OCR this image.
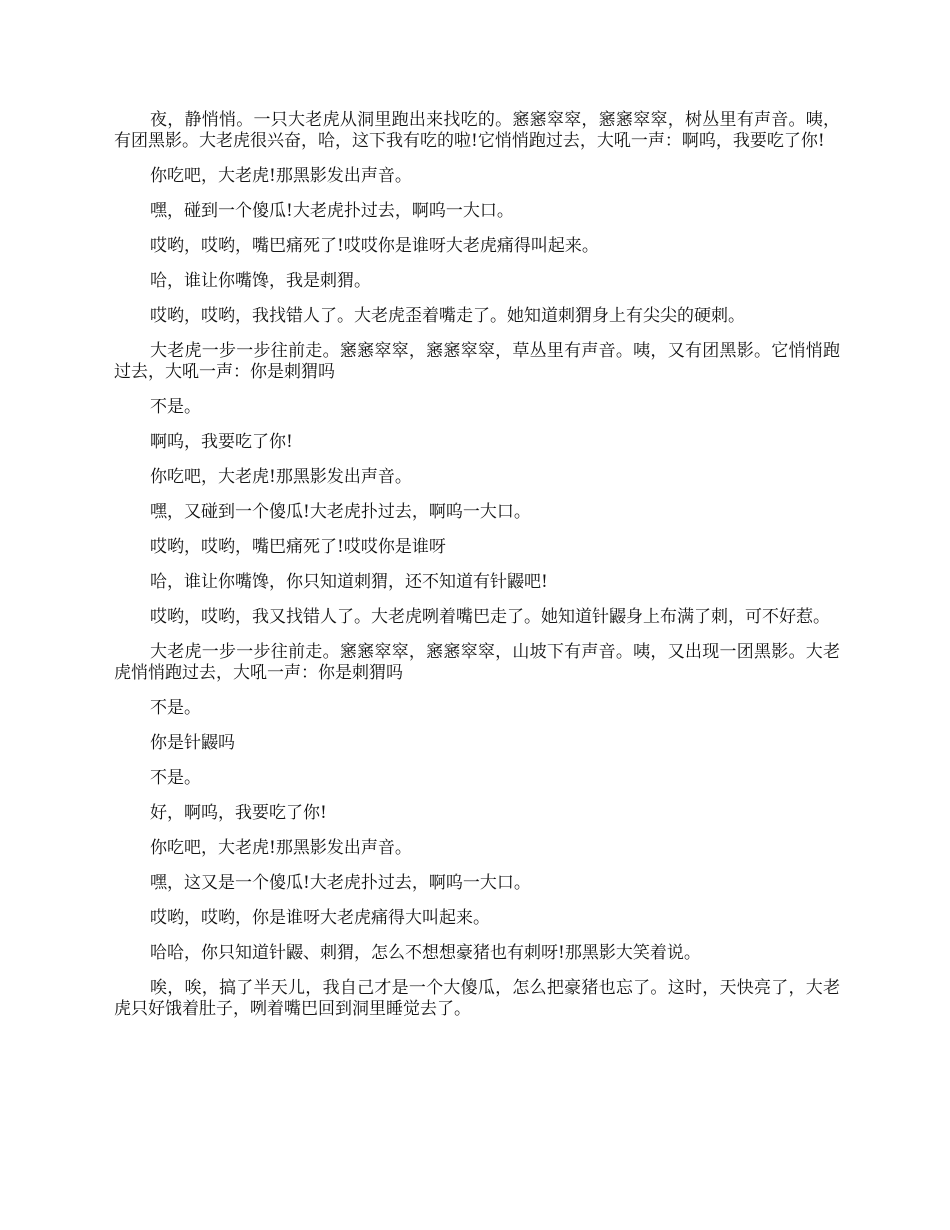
夜，静悄悄。一只大老虎从洞里跑出来找吃的。窸窸窣窣，窸窸窣窣，树丛里有声音。咦，有团黑影。大老虎很兴奋，哈，这下我有吃的啦!它悄悄跑过去，大吼一声：啊呜，我要吃了你!

你吃吧，大老虎!那黑影发出声音。

嘿，碰到一个傻瓜!大老虎扑过去，啊呜一大口。

哎哟，哎哟，嘴巴痛死了!哎哎你是谁呀大老虎痛得叫起来。

哈，谁让你嘴馋，我是刺猬。

哎哟，哎哟，我找错人了。大老虎歪着嘴走了。她知道刺猬身上有尖尖的硬刺。

大老虎一步一步往前走。窸窸窣窣，窸窸窣窣，草丛里有声音。咦，又有团黑影。它悄悄跑过去，大吼一声：你是刺猬吗

不是。

啊呜，我要吃了你!

你吃吧，大老虎!那黑影发出声音。

嘿，又碰到一个傻瓜!大老虎扑过去，啊呜一大口。

哎哟，哎哟，嘴巴痛死了!哎哎你是谁呀

哈，谁让你嘴馋，你只知道刺猬，还不知道有针鼹吧!

哎哟，哎哟，我又找错人了。大老虎咧着嘴巴走了。她知道针鼹身上布满了刺，可不好惹。

大老虎一步一步往前走。窸窸窣窣，窸窸窣窣，山坡下有声音。咦，又出现一团黑影。大老虎悄悄跑过去，大吼一声：你是刺猬吗

不是。

你是针鼹吗

不是。

好，啊呜，我要吃了你!

你吃吧，大老虎!那黑影发出声音。

嘿，这又是一个傻瓜!大老虎扑过去，啊呜一大口。

哎哟，哎哟，你是谁呀大老虎痛得大叫起来。

哈哈，你只知道针鼹、刺猬，怎么不想想豪猪也有刺呀!那黑影大笑着说。

唉，唉，搞了半天儿，我自己才是一个大傻瓜，怎么把豪猪也忘了。这时，天快亮了，大老虎只好饿着肚子，咧着嘴巴回到洞里睡觉去了。
